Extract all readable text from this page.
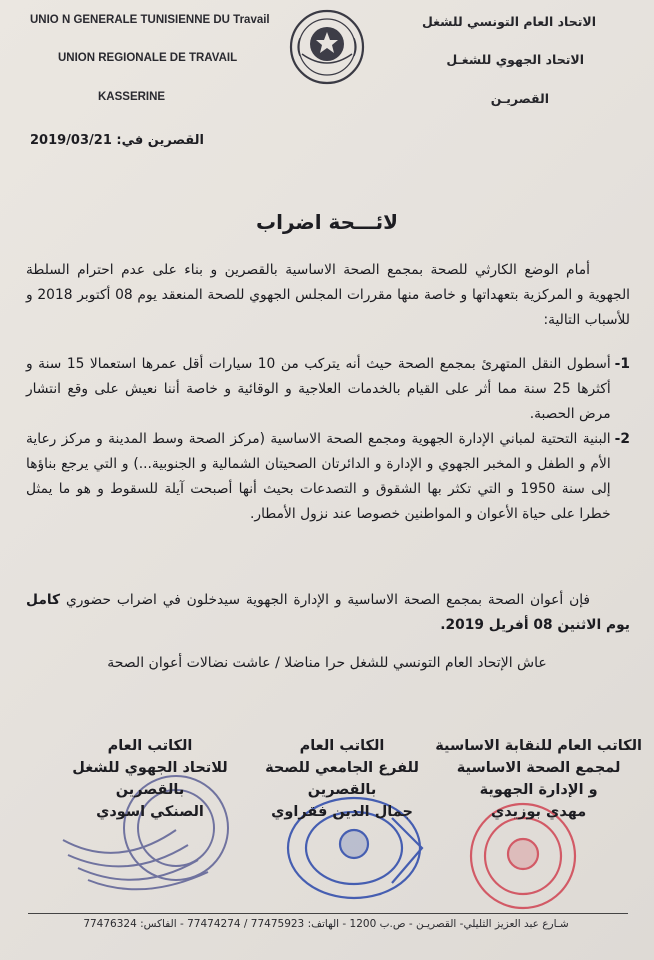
UNIO N GENERALE TUNISIENNE DU Travail
UNION REGIONALE DE TRAVAIL
KASSERINE
الاتحاد العام التونسي للشغل
الاتحاد الجهوي للشغـل
القصريـن
القصرين في: 2019/03/21
لائـــحة اضراب
أمام الوضع الكارثي للصحة بمجمع الصحة الاساسية بالقصرين و بناء على عدم احترام السلطة الجهوية و المركزية بتعهداتها و خاصة منها مقررات المجلس الجهوي للصحة المنعقد يوم 08 أكتوبر 2018 و للأسباب التالية:
1-
أسطول النقل المتهرئ بمجمع الصحة حيث أنه يتركب من 10 سيارات أقل عمرها استعمالا 15 سنة و أكثرها 25 سنة مما أثر على القيام بالخدمات العلاجية و الوقائية و خاصة أننا نعيش على وقع انتشار مرض الحصبة.
2-
البنية التحتية لمباني الإدارة الجهوية ومجمع الصحة الاساسية (مركز الصحة وسط المدينة و مركز رعاية الأم و الطفل و المخبر الجهوي و الإدارة و الدائرتان الصحيتان الشمالية و الجنوبية...) و التي يرجع بناؤها إلى سنة 1950 و التي تكثر بها الشقوق و التصدعات بحيث أنها أصبحت آيلة للسقوط و هو ما يمثل خطرا على حياة الأعوان و المواطنين خصوصا عند نزول الأمطار.
فإن أعوان الصحة بمجمع الصحة الاساسية و الإدارة الجهوية سيدخلون في اضراب حضوري كامل يوم الاثنين 08 أفريل 2019.
عاش الإتحاد العام التونسي للشغل حرا مناضلا / عاشت نضالات أعوان الصحة
الكاتب العام للنقابة الاساسية
لمجمع الصحة الاساسية
و الإدارة الجهوية
مهدي بوزيدي
الكاتب العام
للفرع الجامعي للصحة
بالقصرين
جمال الدين فقراوي
الكاتب العام
للاتحاد الجهوي للشغل
بالقصرين
الصنكي اسودي
شـارع عبد العزيز الثليلي- القصريـن - ص.ب 1200 - الهاتف: 77475923 / 77474274 - الفاكس: 77476324
